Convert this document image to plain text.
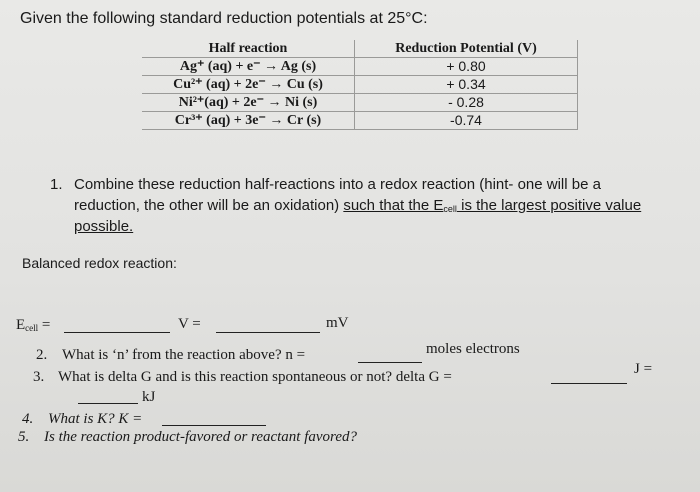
Given the following standard reduction potentials at 25°C:
Half reaction	Reduction Potential (V)
Ag⁺ (aq) + e⁻ → Ag (s)	+ 0.80
Cu²⁺ (aq) + 2e⁻ → Cu (s)	+ 0.34
Ni²⁺(aq) + 2e⁻ → Ni (s)	- 0.28
Cr³⁺ (aq) + 3e⁻ → Cr (s)	-0.74
1. Combine these reduction half-reactions into a redox reaction (hint- one will be a
reduction, the other will be an oxidation) such that the $E_{cell}$ is the largest positive value
possible.
Balanced redox reaction:
$E_{cell}$ =	V =	mV
2. What is ‘n’ from the reaction above? n =	moles electrons
3. What is delta G and is this reaction spontaneous or not? delta G =	J =
kJ
4. What is K? K =
5. Is the reaction product-favored or reactant favored?
